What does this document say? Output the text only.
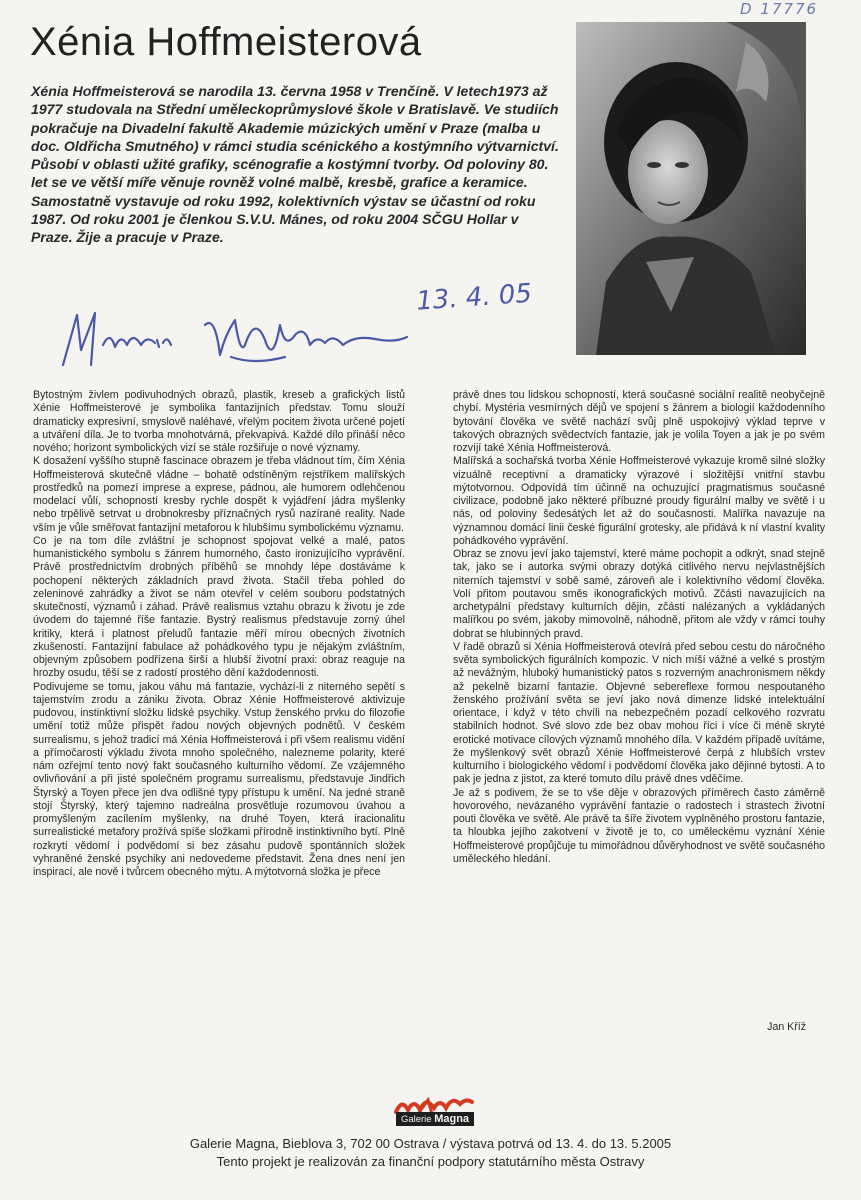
D 17776
Xénia Hoffmeisterová

Xénia Hoffmeisterová se narodila 13. června 1958 v Trenčíně. V letech1973 až 1977 studovala na Střední uměleckoprůmyslové škole v Bratislavě. Ve studiích pokračuje na Divadelní fakultě Akademie múzických umění v Praze (malba u doc. Oldřicha Smutného) v rámci studia scénického a kostýmního výtvarnictví. Působí v oblasti užité grafiky, scénografie a kostýmní tvorby. Od poloviny 80. let se ve větší míře věnuje rovněž volné malbě, kresbě, grafice a keramice. Samostatně vystavuje od roku 1992, kolektivních výstav se účastní od roku 1987. Od roku 2001 je členkou S.V.U. Mánes, od roku 2004 SČGU Hollar v Praze. Žije a pracuje v Praze.

13. 4. 05

Bytostným živlem podivuhodných obrazů, plastik, kreseb a grafických listů Xénie Hoffmeisterové je symbolika fantazijních představ. Tomu slouží dramaticky expresivní, smyslově naléhavé, vřelým pocitem života určené pojetí a utváření díla. Je to tvorba mnohotvárná, překvapivá. Každé dílo přináší něco nového; horizont symbolických vizí se stále rozšiřuje o nové významy.

K dosažení vyššího stupně fascinace obrazem je třeba vládnout tím, čím Xénia Hoffmeisterová skutečně vládne – bohatě odstíněným rejstříkem malířských prostředků na pomezí imprese a exprese, pádnou, ale humorem odlehčenou modelací vůlí, schopností kresby rychle dospět k vyjádření jádra myšlenky nebo trpělivě setrvat u drobnokresby příznačných rysů nazírané reality. Nade vším je vůle směřovat fantazijní metaforou k hlubšímu symbolickému významu.

Co je na tom díle zvláštní je schopnost spojovat velké a malé, patos humanistického symbolu s žánrem humorného, často ironizujícího vyprávění. Právě prostřednictvím drobných příběhů se mnohdy lépe dostáváme k pochopení některých základních pravd života. Stačil třeba pohled do zeleninové zahrádky a život se nám otevřel v celém souboru podstatných skutečností, významů i záhad. Právě realismus vztahu obrazu k životu je zde úvodem do tajemné říše fantazie. Bystrý realismus představuje zorný úhel kritiky, která i platnost přeludů fantazie měří mírou obecných životních zkušeností. Fantazijní fabulace až pohádkového typu je nějakým zvláštním, objevným způsobem podřízena širší a hlubší životní praxi: obraz reaguje na hrozby osudu, těší se z radostí prostého dění každodennosti.

Podivujeme se tomu, jakou váhu má fantazie, vychází-li z niterného sepětí s tajemstvím zrodu a zániku života. Obraz Xénie Hoffmeisterové aktivizuje pudovou, instinktivní složku lidské psychiky. Vstup ženského prvku do filozofie umění totiž může přispět řadou nových objevných podnětů. V českém surrealismu, s jehož tradicí má Xénia Hoffmeisterová i při všem realismu vidění a přímočarosti výkladu života mnoho společného, nalezneme polarity, které nám ozřejmí tento nový fakt současného kulturního vědomí. Ze vzájemného ovlivňování a při jisté společném programu surrealismu, představuje Jindřich Štyrský a Toyen přece jen dva odlišné typy přístupu k umění. Na jedné straně stojí Štyrský, který tajemno nadreálna prosvětluje rozumovou úvahou a promyšleným zacílením myšlenky, na druhé Toyen, která iracionalitu surrealistické metafory prožívá spíše složkami přírodně instinktivního bytí. Plně rozkrytí vědomí i podvědomí si bez zásahu pudově spontánních složek vyhraněné ženské psychiky ani nedovedeme představit. Žena dnes není jen inspirací, ale nově i tvůrcem obecného mýtu. A mýtotvorná složka je přece

právě dnes tou lidskou schopností, která současné sociální realitě neobyčejně chybí. Mystéria vesmírných dějů ve spojení s žánrem a biologií každodenního bytování člověka ve světě nachází svůj plně uspokojivý výklad teprve v takových obrazných svědectvích fantazie, jak je volila Toyen a jak je po svém rozvíjí také Xénia Hoffmeisterová.

Malířská a sochařská tvorba Xénie Hoffmeisterové vykazuje kromě silné složky vizuálně receptivní a dramaticky výrazové i složitější vnitřní stavbu mýtotvornou. Odpovídá tím účinně na ochuzující pragmatismus současné civilizace, podobně jako některé příbuzné proudy figurální malby ve světě i u nás, od poloviny šedesátých let až do současnosti. Malířka navazuje na významnou domácí linii české figurální grotesky, ale přidává k ní vlastní kvality pohádkového vyprávění.

Obraz se znovu jeví jako tajemství, které máme pochopit a odkrýt, snad stejně tak, jako se i autorka svými obrazy dotýká citlivého nervu nejvlastnějších niterních tajemství v sobě samé, zároveň ale i kolektivního vědomí člověka. Volí přitom poutavou směs ikonografických motivů. Zčásti navazujících na archetypální představy kulturních dějin, zčásti nalézaných a vykládaných malířkou po svém, jakoby mimovolně, náhodně, přitom ale vždy v rámci touhy dobrat se hlubinných pravd.

V řadě obrazů si Xénia Hoffmeisterová otevírá před sebou cestu do náročného světa symbolických figurálních kompozic. V nich míší vážné a velké s prostým až nevážným, hluboký humanistický patos s rozverným anachronismem někdy až pekelně bizarní fantazie. Objevné sebereflexe formou nespoutaného ženského prožívání světa se jeví jako nová dimenze lidské intelektuální orientace, i když v této chvíli na nebezpečném pozadí celkového rozvratu stabilních hodnot. Své slovo zde bez obav mohou říci i více či méně skryté erotické motivace cílových významů mnohého díla. V každém případě uvítáme, že myšlenkový svět obrazů Xénie Hoffmeisterové čerpá z hlubších vrstev kulturního i biologického vědomí i podvědomí člověka jako dějinné bytosti. A to pak je jedna z jistot, za které tomuto dílu právě dnes vděčíme.

Je až s podivem, že se to vše děje v obrazových příměrech často záměrně hovorového, nevázaného vyprávění fantazie o radostech i strastech životní pouti člověka ve světě. Ale právě ta šíře životem vyplněného prostoru fantazie, ta hloubka jejího zakotvení v životě je to, co uměleckému vyznání Xénie Hoffmeisterové propůjčuje tu mimořádnou důvěryhodnost ve světě současného uměleckého hledání.

Jan Kříž
Galerie Magna
Galerie Magna, Bieblova 3, 702 00 Ostrava / výstava potrvá od 13. 4. do 13. 5.2005
Tento projekt je realizován za finanční podpory statutárního města Ostravy
